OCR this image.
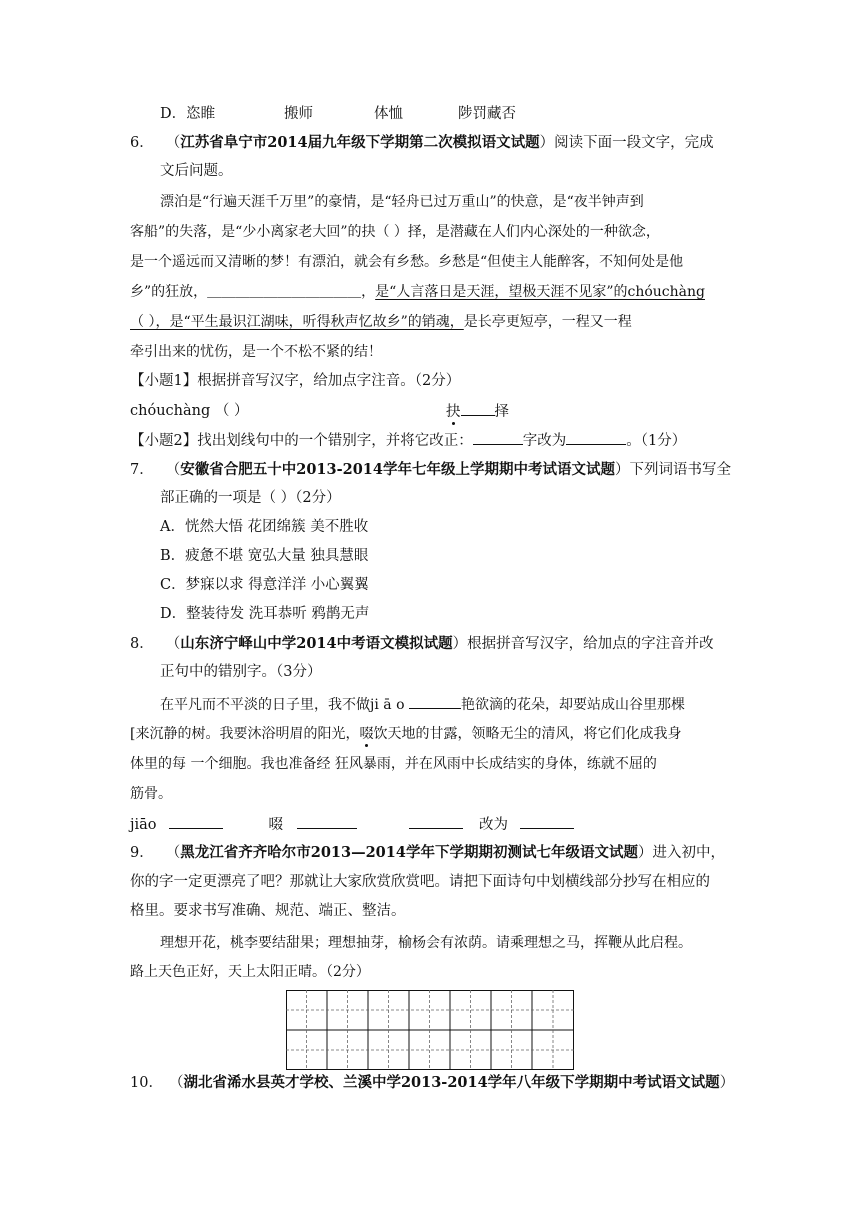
D．恣睢	搬师	体恤	陟罚藏否
6． （江苏省阜宁市2014届九年级下学期第二次模拟语文试题）阅读下面一段文字，完成
文后问题。
漂泊是“行遍天涯千万里”的豪情，是“轻舟已过万重山”的快意，是“夜半钟声到
客船”的失落，是“少小离家老大回”的抉（ ）择，是潜藏在人们内心深处的一种欲念，
是一个遥远而又清晰的梦！有漂泊，就会有乡愁。乡愁是“但使主人能醉客，不知何处是他
乡”的狂放，＿＿＿＿＿＿＿＿＿＿＿，是“人言落日是天涯，望极天涯不见家”的chóuchàng
（ ），是“平生最识江湖味，听得秋声忆故乡”的销魂，是长亭更短亭，一程又一程
牵引出来的忧伤，是一个不松不紧的结！
【小题1】根据拼音写汉字，给加点字注音。（2分）
chóuchàng （ ）	抉 择
【小题2】找出划线句中的一个错别字，并将它改正：	字改为	。（1分）
7． （安徽省合肥五十中2013-2014学年七年级上学期期中考试语文试题）下列词语书写全
部正确的一项是（ ）（2分）
A．恍然大悟 花团绵簇 美不胜收
B．疲惫不堪 宽弘大量 独具慧眼
C．梦寐以求 得意洋洋 小心翼翼
D．整装待发 洗耳恭听 鸦鹊无声
8． （山东济宁峄山中学2014中考语文模拟试题）根据拼音写汉字，给加点的字注音并改
正句中的错别字。（3分）
在平凡而不平淡的日子里，我不做ji ā o	艳欲滴的花朵，却要站成山谷里那棵
[来沉静的树。我要沐浴明眉的阳光，啜饮天地的甘露，领略无尘的清风，将它们化成我身
体里的每 一个细胞。我也准备经 狂风暴雨，并在风雨中长成结实的身体，练就不屈的
筋骨。
jiāo	啜	改为
9． （黑龙江省齐齐哈尔市2013—2014学年下学期期初测试七年级语文试题）进入初中，
你的字一定更漂亮了吧？那就让大家欣赏欣赏吧。请把下面诗句中划横线部分抄写在相应的
格里。要求书写准确、规范、端正、整洁。
理想开花，桃李要结甜果；理想抽芽，榆杨会有浓荫。请乘理想之马，挥鞭从此启程。
路上天色正好，天上太阳正晴。（2分）
10． （湖北省浠水县英才学校、兰溪中学2013-2014学年八年级下学期期中考试语文试题）
